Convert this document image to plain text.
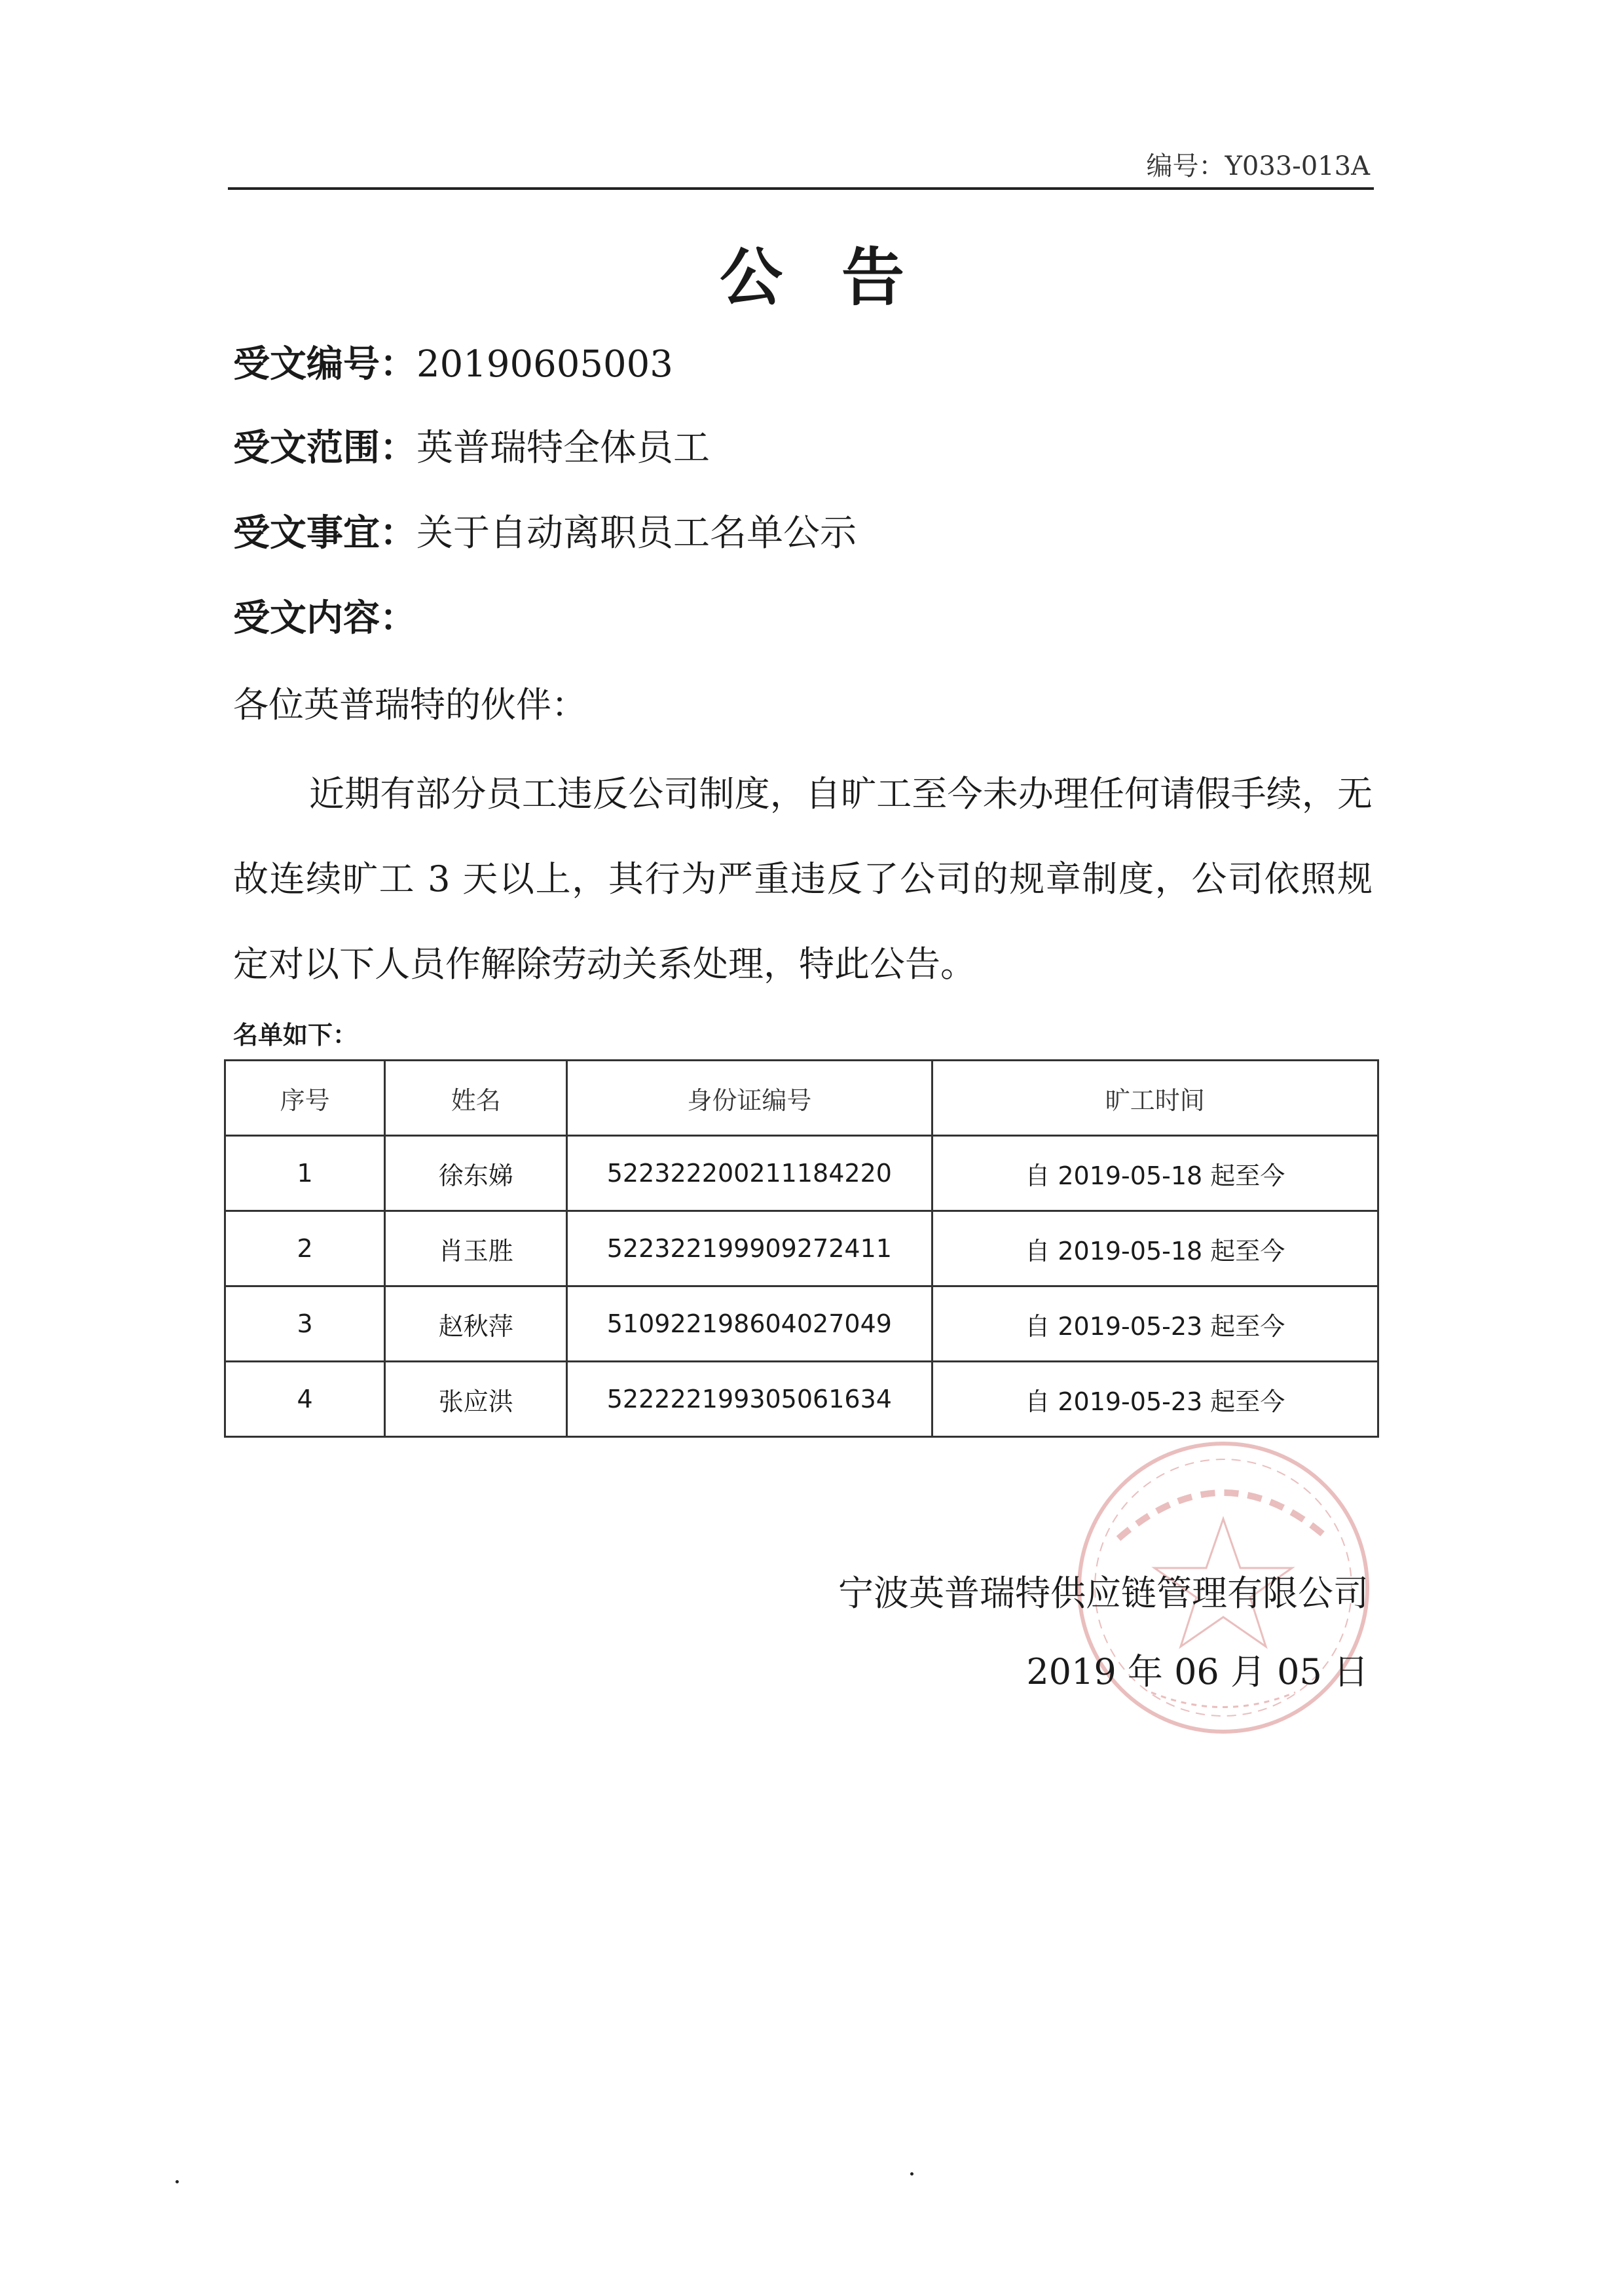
编号：Y033-013A
公告
受文编号：20190605003
受文范围：英普瑞特全体员工
受文事宜：关于自动离职员工名单公示
受文内容：
各位英普瑞特的伙伴：
近期有部分员工违反公司制度，自旷工至今未办理任何请假手续，无故连续旷工 3 天以上，其行为严重违反了公司的规章制度，公司依照规定对以下人员作解除劳动关系处理，特此公告。
名单如下：
序号	姓名	身份证编号	旷工时间
1	徐东娣	522322200211184220	自 2019-05-18 起至今
2	肖玉胜	522322199909272411	自 2019-05-18 起至今
3	赵秋萍	510922198604027049	自 2019-05-23 起至今
4	张应洪	522222199305061634	自 2019-05-23 起至今
宁波英普瑞特供应链管理有限公司
2019 年 06 月 05 日
